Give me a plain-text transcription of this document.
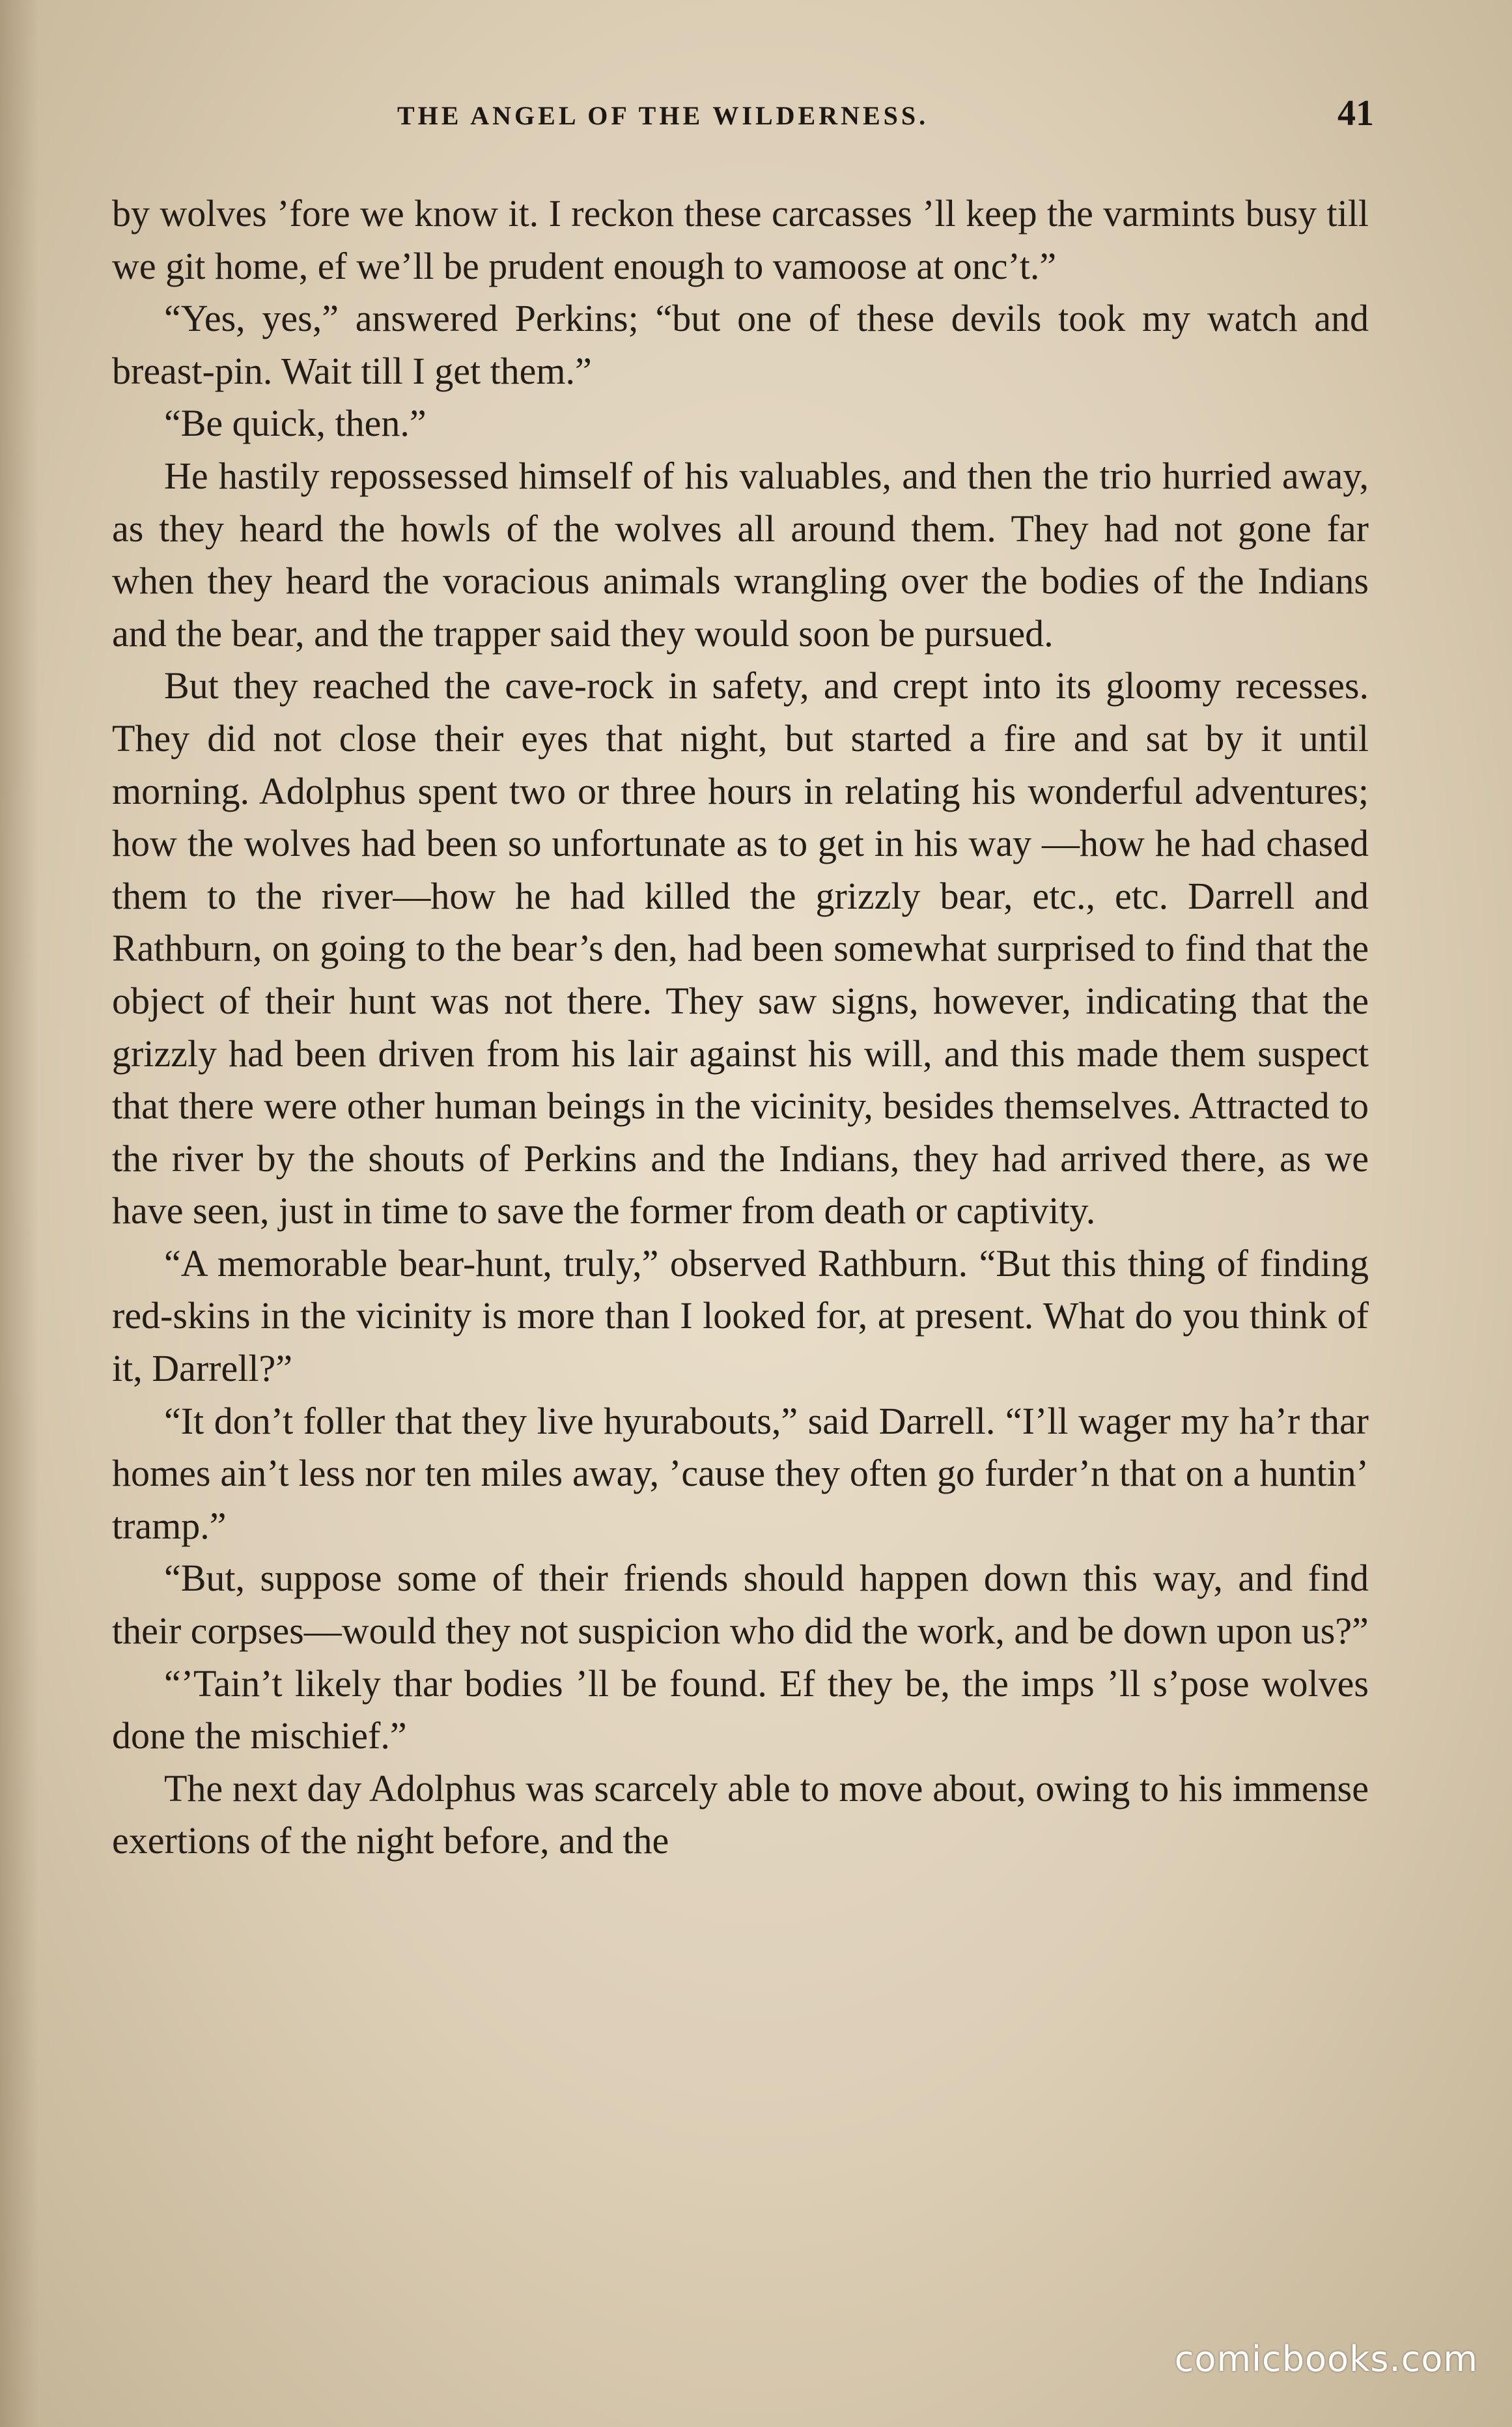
THE ANGEL OF THE WILDERNESS.	41

by wolves ’fore we know it. I reckon these carcasses ’ll keep the varmints busy till we git home, ef we’ll be prudent enough to vamoose at onc’t.”

“Yes, yes,” answered Perkins; “but one of these devils took my watch and breast-pin. Wait till I get them.”

“Be quick, then.”

He hastily repossessed himself of his valuables, and then the trio hurried away, as they heard the howls of the wolves all around them. They had not gone far when they heard the voracious animals wrangling over the bodies of the Indians and the bear, and the trapper said they would soon be pursued.

But they reached the cave-rock in safety, and crept into its gloomy recesses. They did not close their eyes that night, but started a fire and sat by it until morning. Adolphus spent two or three hours in relating his wonderful adventures; how the wolves had been so unfortunate as to get in his way —how he had chased them to the river—how he had killed the grizzly bear, etc., etc. Darrell and Rathburn, on going to the bear’s den, had been somewhat surprised to find that the object of their hunt was not there. They saw signs, however, indicating that the grizzly had been driven from his lair against his will, and this made them suspect that there were other human beings in the vicinity, besides themselves. Attracted to the river by the shouts of Perkins and the Indians, they had arrived there, as we have seen, just in time to save the former from death or captivity.

“A memorable bear-hunt, truly,” observed Rathburn. “But this thing of finding red-skins in the vicinity is more than I looked for, at present. What do you think of it, Darrell?”

“It don’t foller that they live hyurabouts,” said Darrell. “I’ll wager my ha’r thar homes ain’t less nor ten miles away, ’cause they often go furder’n that on a huntin’ tramp.”

“But, suppose some of their friends should happen down this way, and find their corpses—would they not suspicion who did the work, and be down upon us?”

“’Tain’t likely thar bodies ’ll be found. Ef they be, the imps ’ll s’pose wolves done the mischief.”

The next day Adolphus was scarcely able to move about, owing to his immense exertions of the night before, and the

comicbooks.com
